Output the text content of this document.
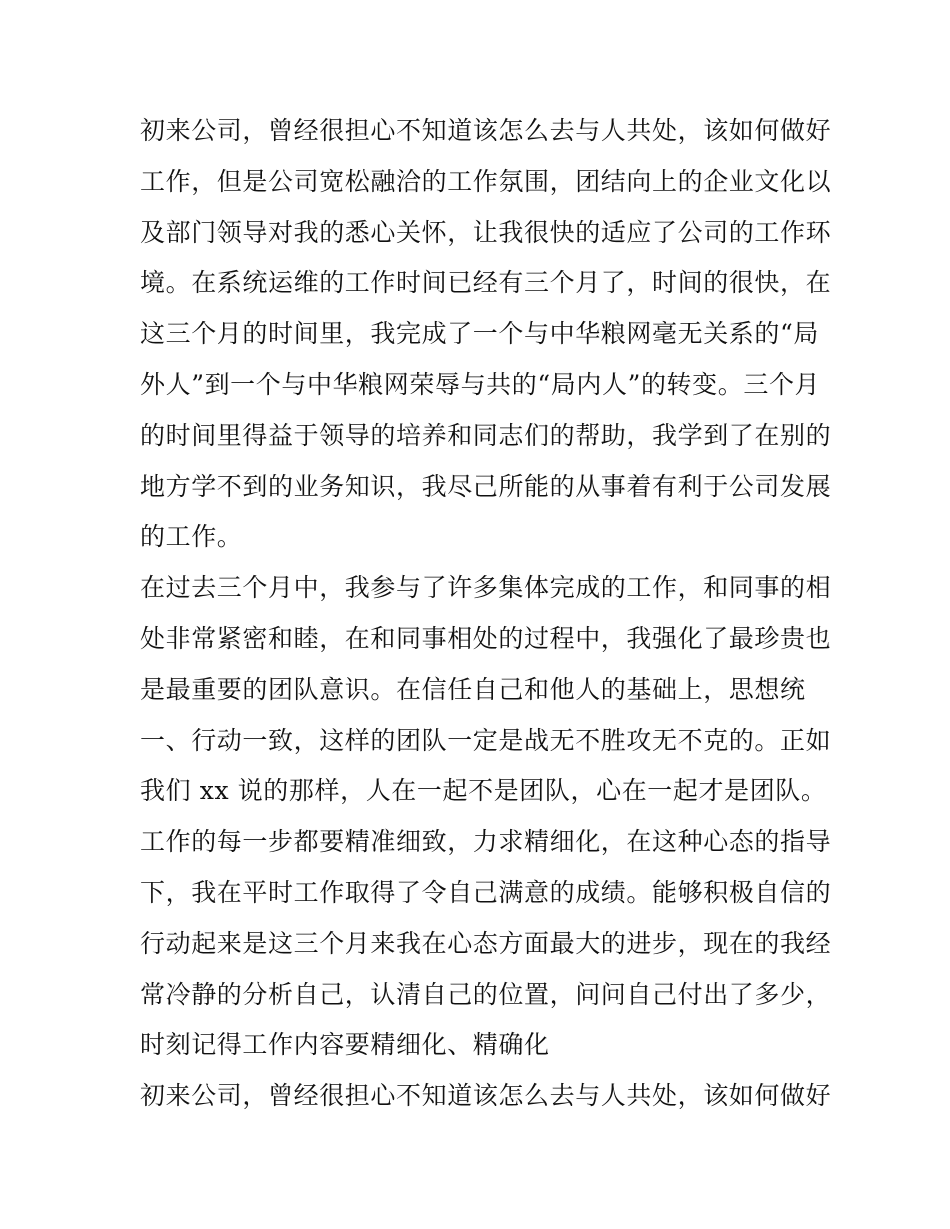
初来公司，曾经很担心不知道该怎么去与人共处，该如何做好
工作，但是公司宽松融洽的工作氛围，团结向上的企业文化以
及部门领导对我的悉心关怀，让我很快的适应了公司的工作环
境。在系统运维的工作时间已经有三个月了，时间的很快，在
这三个月的时间里，我完成了一个与中华粮网毫无关系的“局
外人”到一个与中华粮网荣辱与共的“局内人”的转变。三个月
的时间里得益于领导的培养和同志们的帮助，我学到了在别的
地方学不到的业务知识，我尽己所能的从事着有利于公司发展
的工作。
在过去三个月中，我参与了许多集体完成的工作，和同事的相
处非常紧密和睦，在和同事相处的过程中，我强化了最珍贵也
是最重要的团队意识。在信任自己和他人的基础上，思想统
一、行动一致，这样的团队一定是战无不胜攻无不克的。正如
我们 xx 说的那样，人在一起不是团队，心在一起才是团队。
工作的每一步都要精准细致，力求精细化，在这种心态的指导
下，我在平时工作取得了令自己满意的成绩。能够积极自信的
行动起来是这三个月来我在心态方面最大的进步，现在的我经
常冷静的分析自己，认清自己的位置，问问自己付出了多少，
时刻记得工作内容要精细化、精确化
初来公司，曾经很担心不知道该怎么去与人共处，该如何做好
